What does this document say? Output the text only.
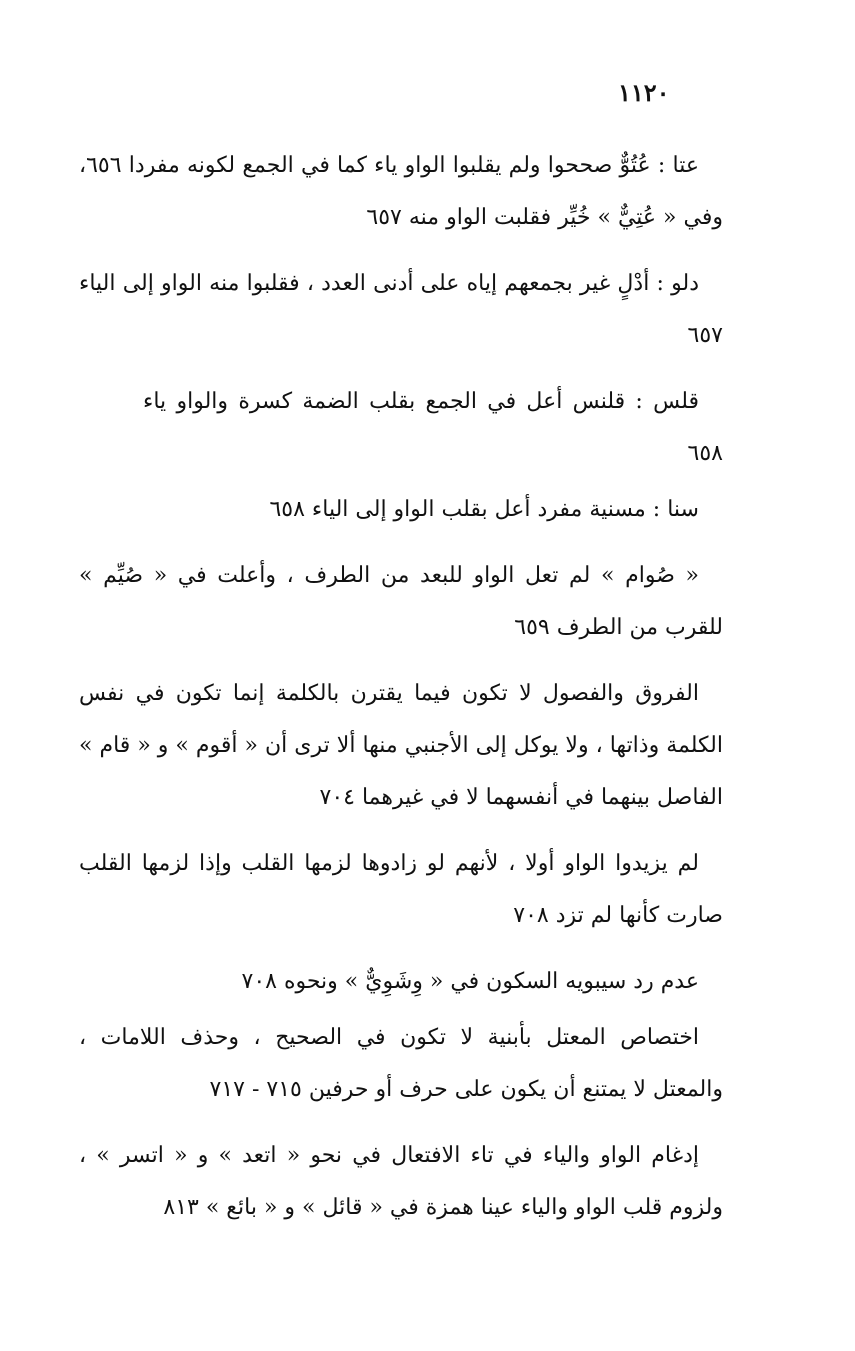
١١٢٠

عتا : عُتُوٌّ صححوا ولم يقلبوا الواو ياء كما في الجمع لكونه مفردا ٦٥٦، وفي « عُتِيٌّ » خُيِّر فقلبت الواو منه ٦٥٧

دلو : أدْلٍ غير بجمعهم إياه على أدنى العدد ، فقلبوا منه الواو إلى الياء ٦٥٧

قلس : قلنس أعل في الجمع بقلب الضمة كسرة والواو ياء ٦٥٨

سنا : مسنية مفرد أعل بقلب الواو إلى الياء ٦٥٨

« صُوام » لم تعل الواو للبعد من الطرف ، وأعلت في « صُيِّم » للقرب من الطرف ٦٥٩

الفروق والفصول لا تكون فيما يقترن بالكلمة إنما تكون في نفس الكلمة وذاتها ، ولا يوكل إلى الأجنبي منها ألا ترى أن « أقوم » و « قام » الفاصل بينهما في أنفسهما لا في غيرهما ٧٠٤

لم يزيدوا الواو أولا ، لأنهم لو زادوها لزمها القلب وإذا لزمها القلب صارت كأنها لم تزد ٧٠٨

عدم رد سيبويه السكون في « وِشَوِيٌّ » ونحوه ٧٠٨

اختصاص المعتل بأبنية لا تكون في الصحيح ، وحذف اللامات ، والمعتل لا يمتنع أن يكون على حرف أو حرفين ٧١٥ - ٧١٧

إدغام الواو والياء في تاء الافتعال في نحو « اتعد » و « اتسر » ، ولزوم قلب الواو والياء عينا همزة في « قائل » و « بائع » ٨١٣
